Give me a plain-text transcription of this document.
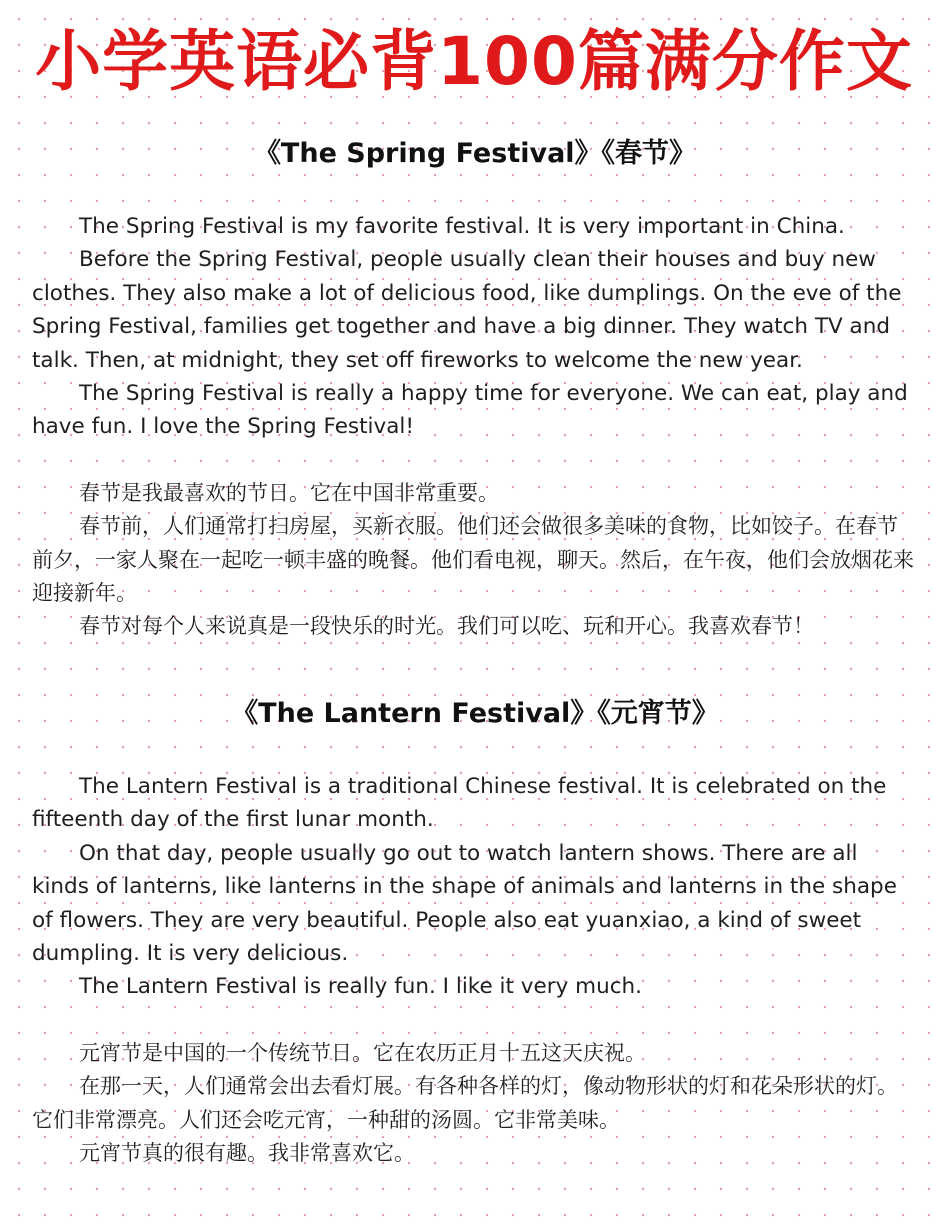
小学英语必背100篇满分作文
《The Spring Festival》《春节》

The Spring Festival is my favorite festival. It is very important in China.

Before the Spring Festival, people usually clean their houses and buy new clothes. They also make a lot of delicious food, like dumplings. On the eve of the Spring Festival, families get together and have a big dinner. They watch TV and talk. Then, at midnight, they set off fireworks to welcome the new year.

The Spring Festival is really a happy time for everyone. We can eat, play and have fun. I love the Spring Festival!

春节是我最喜欢的节日。它在中国非常重要。

春节前，人们通常打扫房屋，买新衣服。他们还会做很多美味的食物，比如饺子。在春节前夕，一家人聚在一起吃一顿丰盛的晚餐。他们看电视，聊天。然后，在午夜，他们会放烟花来迎接新年。

春节对每个人来说真是一段快乐的时光。我们可以吃、玩和开心。我喜欢春节！

《The Lantern Festival》《元宵节》

The Lantern Festival is a traditional Chinese festival. It is celebrated on the fifteenth day of the first lunar month.

On that day, people usually go out to watch lantern shows. There are all kinds of lanterns, like lanterns in the shape of animals and lanterns in the shape of flowers. They are very beautiful. People also eat yuanxiao, a kind of sweet dumpling. It is very delicious.

The Lantern Festival is really fun. I like it very much.

元宵节是中国的一个传统节日。它在农历正月十五这天庆祝。

在那一天，人们通常会出去看灯展。有各种各样的灯，像动物形状的灯和花朵形状的灯。它们非常漂亮。人们还会吃元宵，一种甜的汤圆。它非常美味。

元宵节真的很有趣。我非常喜欢它。
